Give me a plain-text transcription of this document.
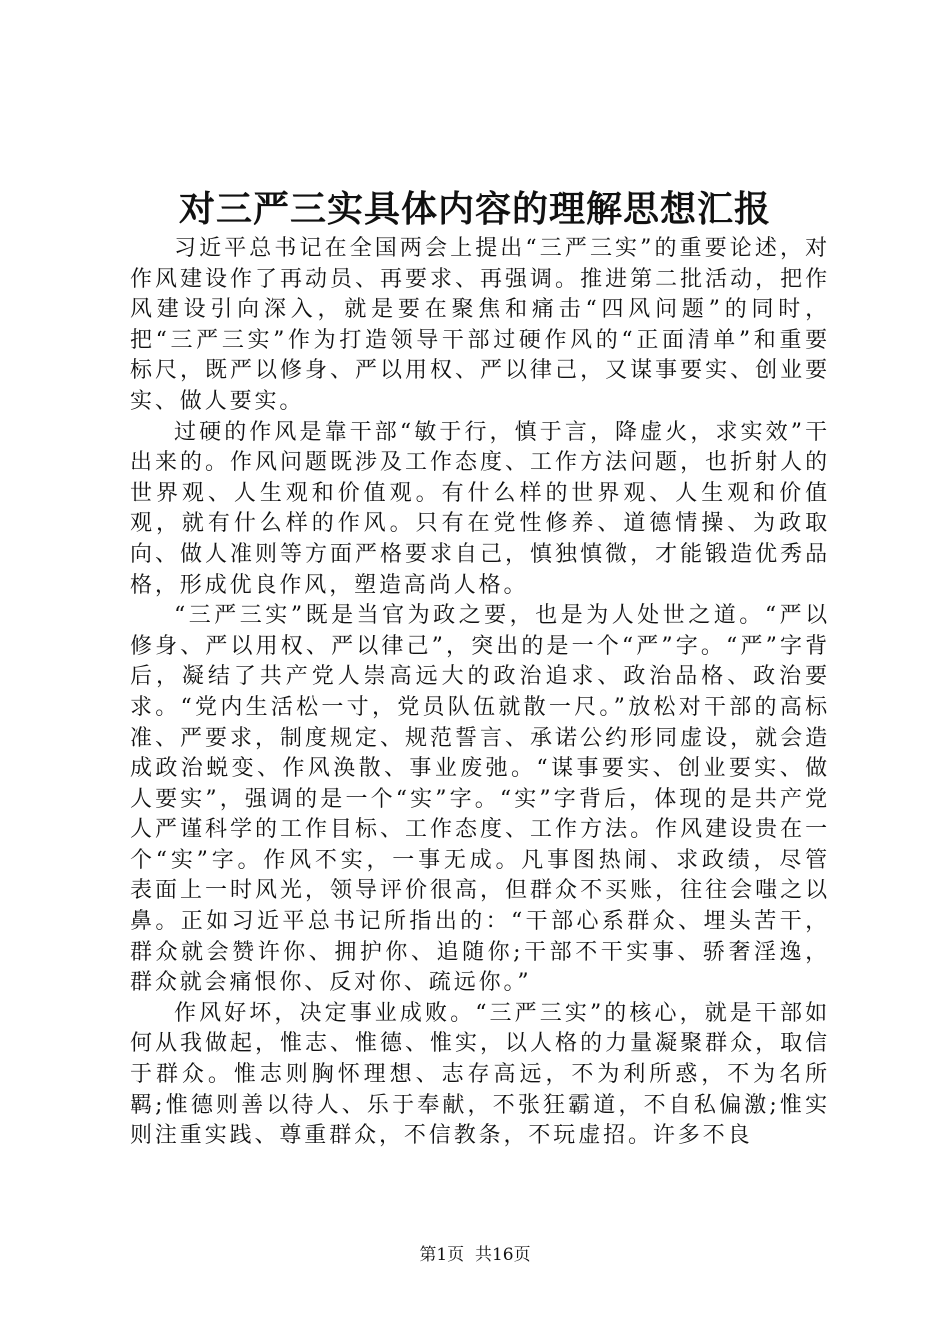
对三严三实具体内容的理解思想汇报

习近平总书记在全国两会上提出“三严三实”的重要论述，对作风建设作了再动员、再要求、再强调。推进第二批活动，把作风建设引向深入，就是要在聚焦和痛击“四风问题”的同时，把“三严三实”作为打造领导干部过硬作风的“正面清单”和重要标尺，既严以修身、严以用权、严以律己，又谋事要实、创业要实、做人要实。

过硬的作风是靠干部“敏于行，慎于言，降虚火，求实效”干出来的。作风问题既涉及工作态度、工作方法问题，也折射人的世界观、人生观和价值观。有什么样的世界观、人生观和价值观，就有什么样的作风。只有在党性修养、道德情操、为政取向、做人准则等方面严格要求自己，慎独慎微，才能锻造优秀品格，形成优良作风，塑造高尚人格。

“三严三实”既是当官为政之要，也是为人处世之道。“严以修身、严以用权、严以律己”，突出的是一个“严”字。“严”字背后，凝结了共产党人崇高远大的政治追求、政治品格、政治要求。“党内生活松一寸，党员队伍就散一尺。”放松对干部的高标准、严要求，制度规定、规范誓言、承诺公约形同虚设，就会造成政治蜕变、作风涣散、事业废弛。“谋事要实、创业要实、做人要实”，强调的是一个“实”字。“实”字背后，体现的是共产党人严谨科学的工作目标、工作态度、工作方法。作风建设贵在一个“实”字。作风不实，一事无成。凡事图热闹、求政绩，尽管表面上一时风光，领导评价很高，但群众不买账，往往会嗤之以鼻。正如习近平总书记所指出的：“干部心系群众、埋头苦干，群众就会赞许你、拥护你、追随你;干部不干实事、骄奢淫逸，群众就会痛恨你、反对你、疏远你。”

作风好坏，决定事业成败。“三严三实”的核心，就是干部如何从我做起，惟志、惟德、惟实，以人格的力量凝聚群众，取信于群众。惟志则胸怀理想、志存高远，不为利所惑，不为名所羁;惟德则善以待人、乐于奉献，不张狂霸道，不自私偏激;惟实则注重实践、尊重群众，不信教条，不玩虚招。许多不良

第1页  共16页
